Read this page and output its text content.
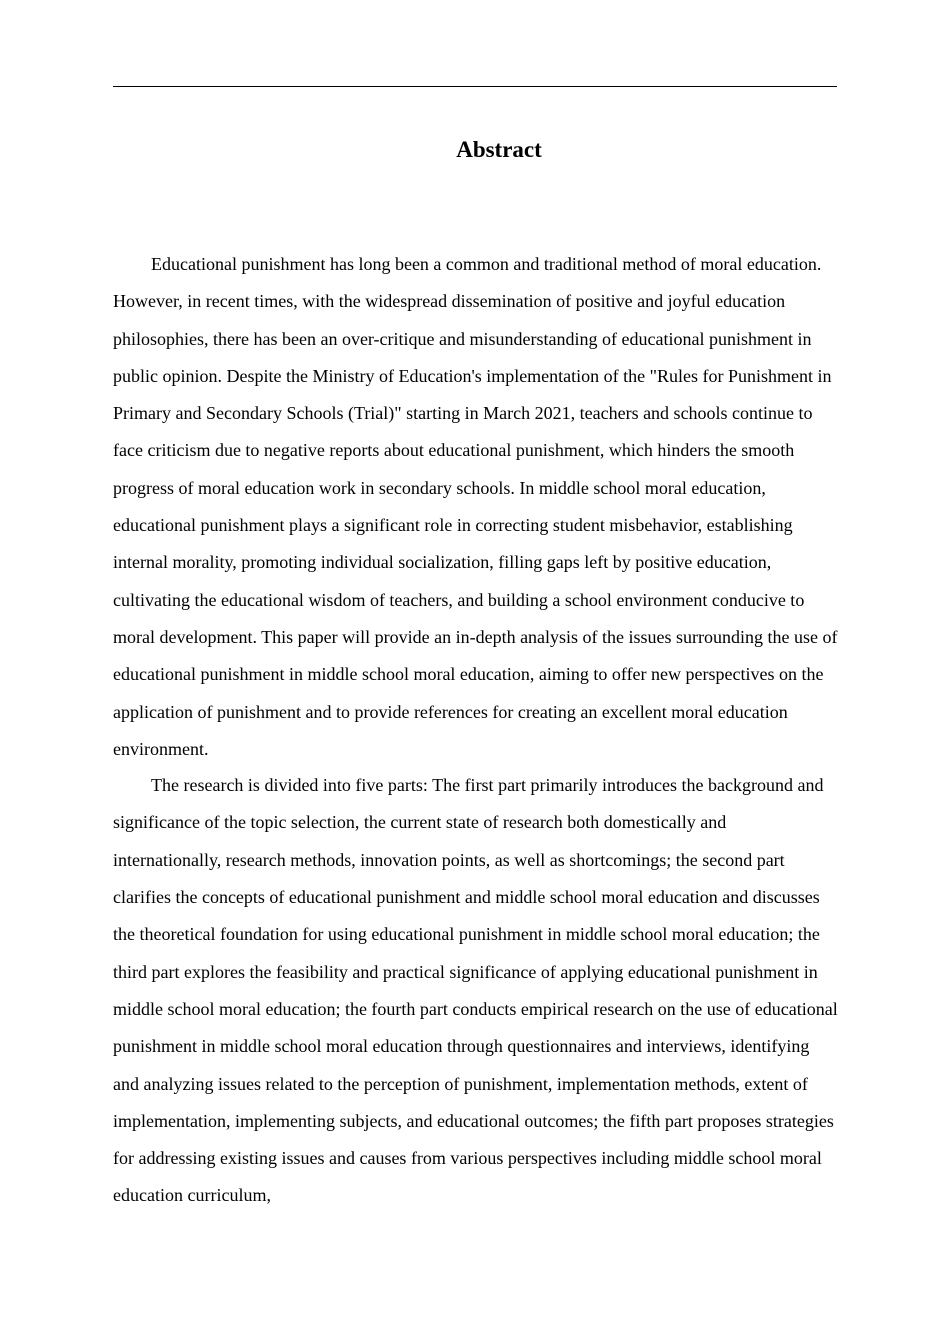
Abstract

Educational punishment has long been a common and traditional method of moral education. However, in recent times, with the widespread dissemination of positive and joyful education philosophies, there has been an over-critique and misunderstanding of educational punishment in public opinion. Despite the Ministry of Education's implementation of the "Rules for Punishment in Primary and Secondary Schools (Trial)" starting in March 2021, teachers and schools continue to face criticism due to negative reports about educational punishment, which hinders the smooth progress of moral education work in secondary schools. In middle school moral education, educational punishment plays a significant role in correcting student misbehavior, establishing internal morality, promoting individual socialization, filling gaps left by positive education, cultivating the educational wisdom of teachers, and building a school environment conducive to moral development. This paper will provide an in-depth analysis of the issues surrounding the use of educational punishment in middle school moral education, aiming to offer new perspectives on the application of punishment and to provide references for creating an excellent moral education environment.

The research is divided into five parts: The first part primarily introduces the background and significance of the topic selection, the current state of research both domestically and internationally, research methods, innovation points, as well as shortcomings; the second part clarifies the concepts of educational punishment and middle school moral education and discusses the theoretical foundation for using educational punishment in middle school moral education; the third part explores the feasibility and practical significance of applying educational punishment in middle school moral education; the fourth part conducts empirical research on the use of educational punishment in middle school moral education through questionnaires and interviews, identifying and analyzing issues related to the perception of punishment, implementation methods, extent of implementation, implementing subjects, and educational outcomes; the fifth part proposes strategies for addressing existing issues and causes from various perspectives including middle school moral education curriculum,
